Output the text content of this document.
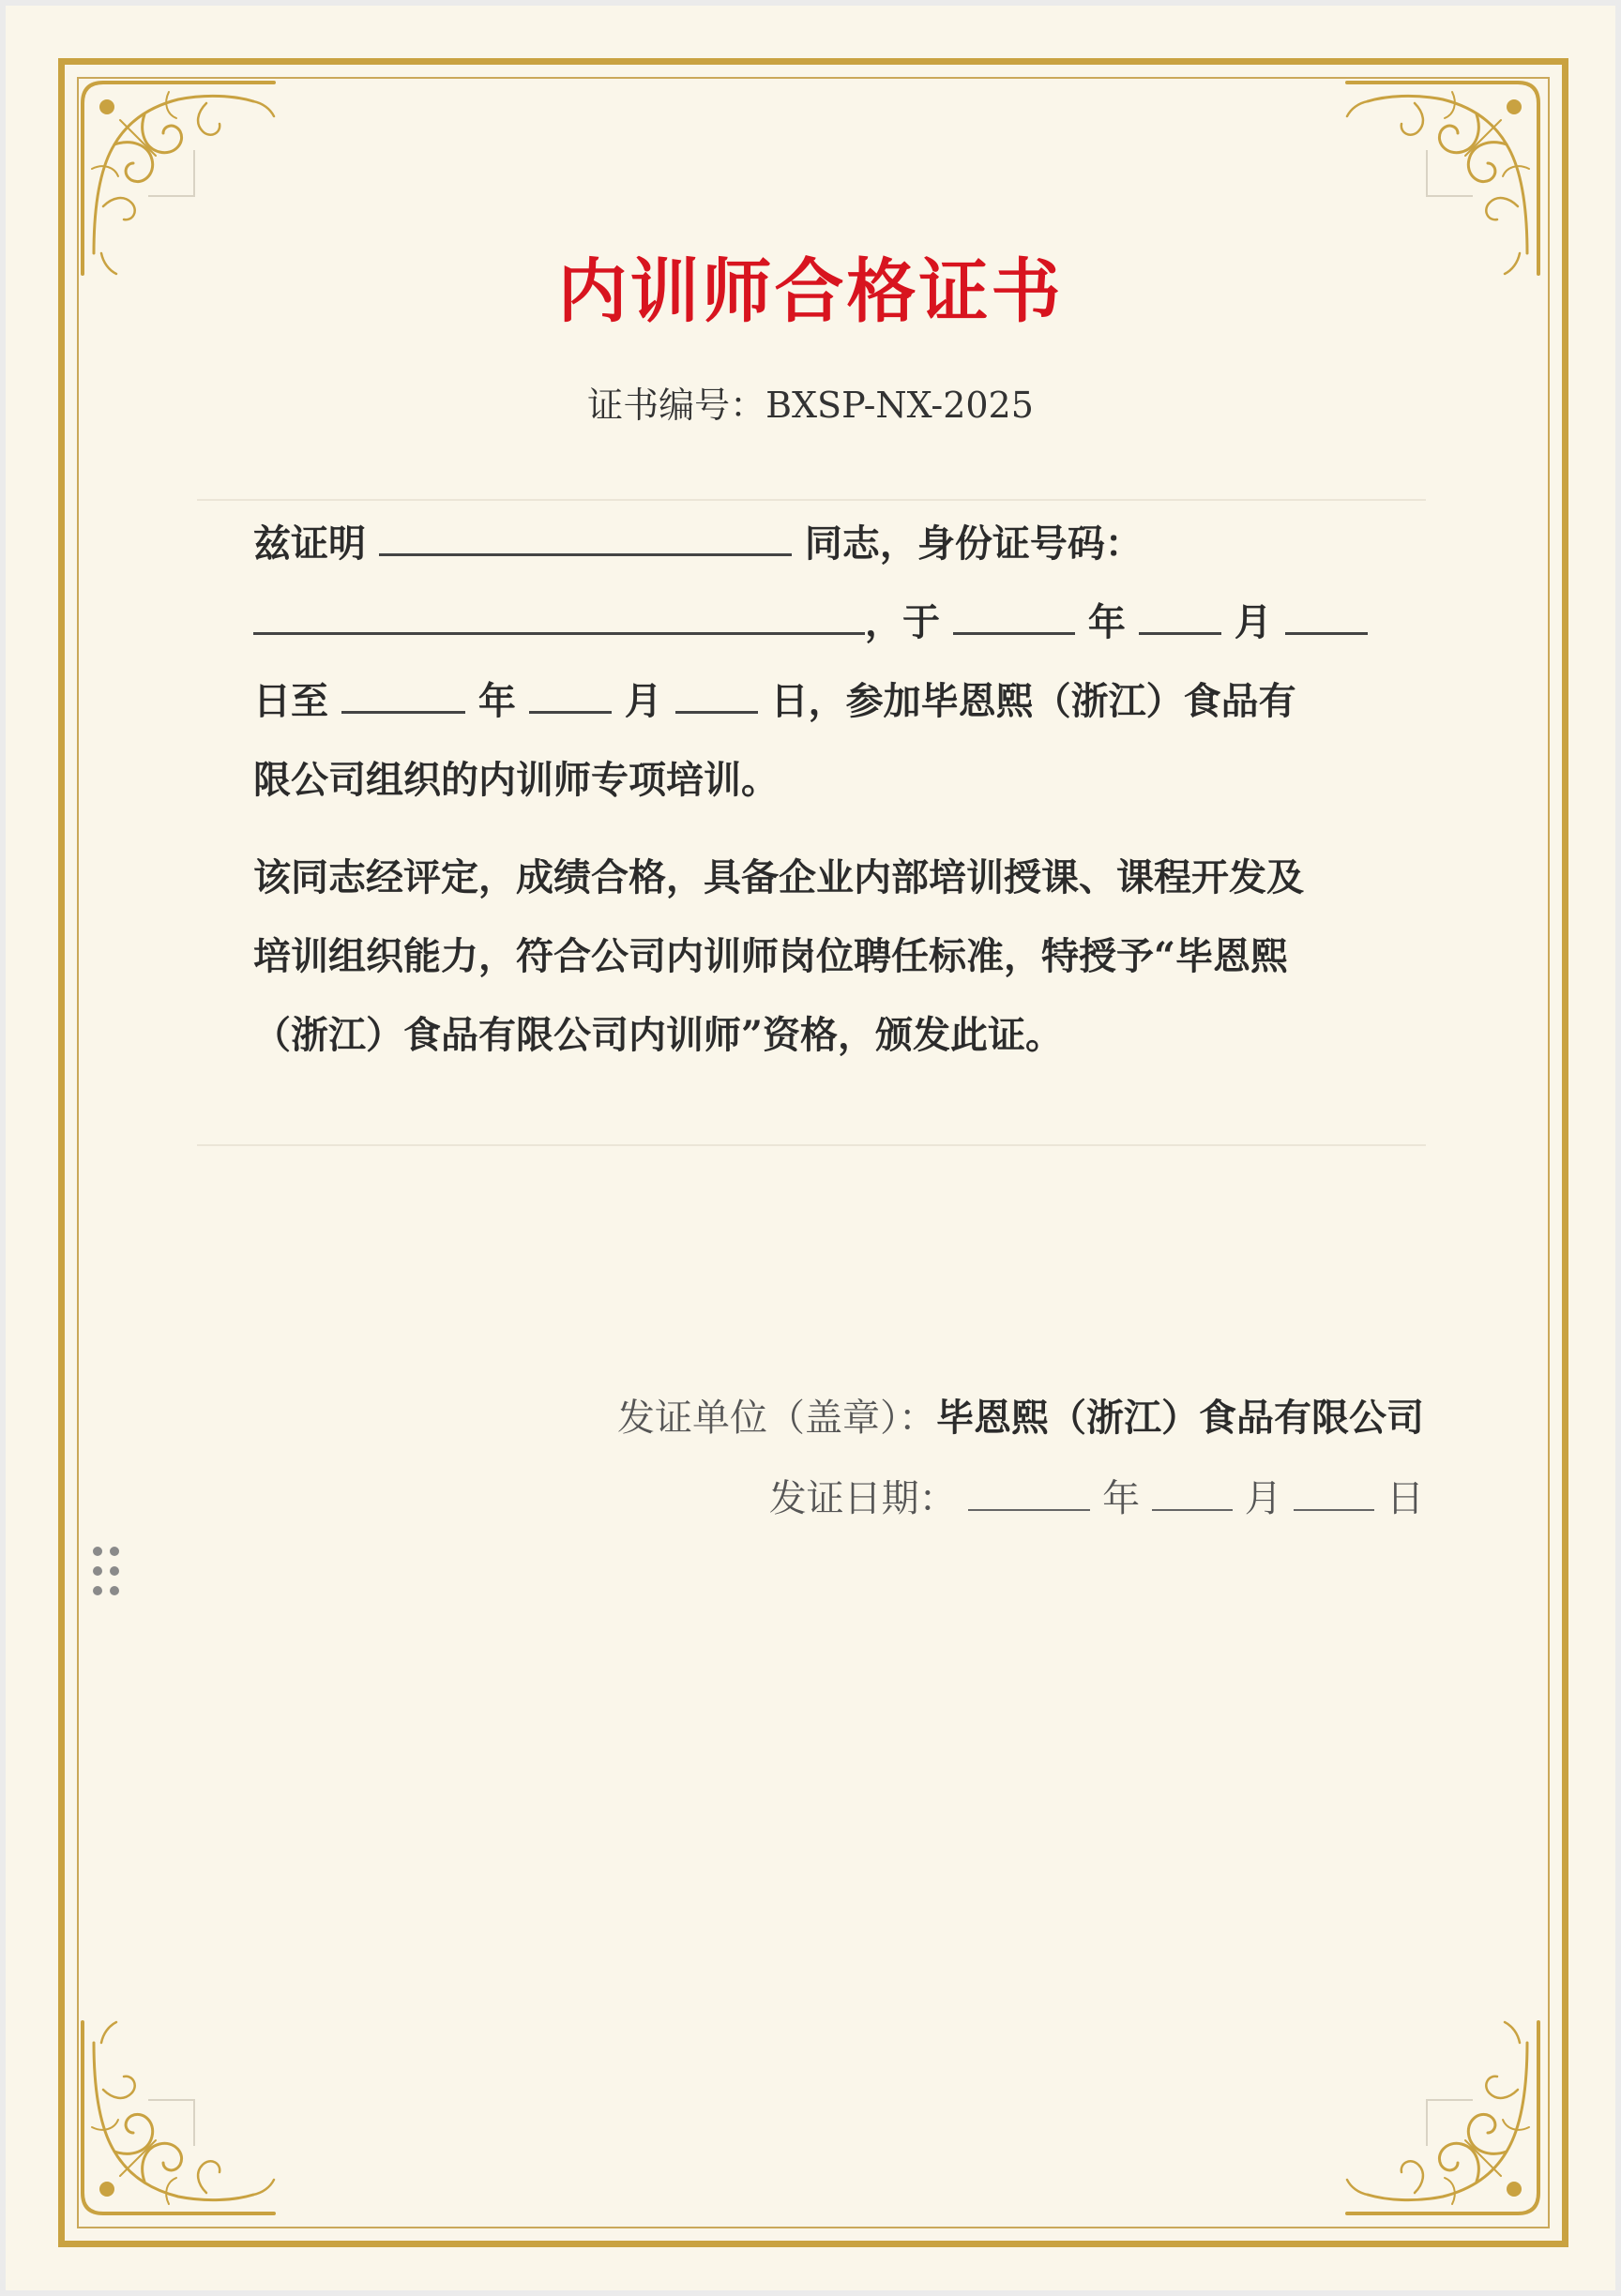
内训师合格证书
证书编号：BXSP-NX-2025

兹证明	同志，身份证号码：

，于	年	月

日至	年	月	日，参加毕恩熙（浙江）食品有

限公司组织的内训师专项培训。

该同志经评定，成绩合格，具备企业内部培训授课、课程开发及

培训组织能力，符合公司内训师岗位聘任标准，特授予“毕恩熙

（浙江）食品有限公司内训师”资格，颁发此证。

发证单位（盖章）：毕恩熙（浙江）食品有限公司
发证日期：	年	月	日
